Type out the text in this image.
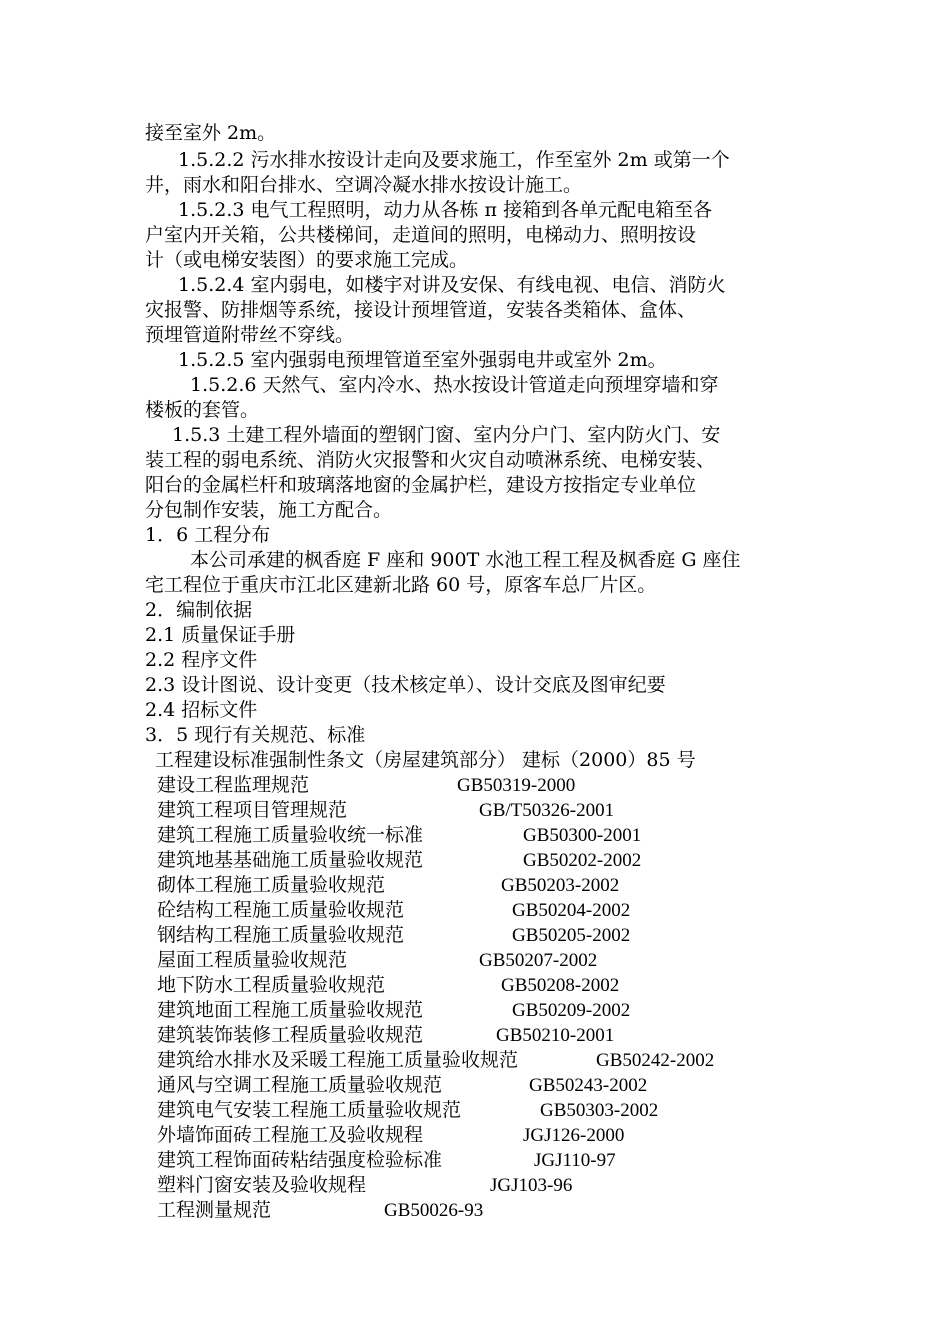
接至室外 2m。
1.5.2.2 污水排水按设计走向及要求施工，作至室外 2m 或第一个
井，雨水和阳台排水、空调冷凝水排水按设计施工。
1.5.2.3 电气工程照明，动力从各栋 π 接箱到各单元配电箱至各
户室内开关箱，公共楼梯间，走道间的照明，电梯动力、照明按设
计（或电梯安装图）的要求施工完成。
1.5.2.4 室内弱电，如楼宇对讲及安保、有线电视、电信、消防火
灾报警、防排烟等系统，接设计预埋管道，安装各类箱体、盒体、
预埋管道附带丝不穿线。
1.5.2.5 室内强弱电预埋管道至室外强弱电井或室外 2m。
1.5.2.6 天然气、室内冷水、热水按设计管道走向预埋穿墙和穿
楼板的套管。
1.5.3 土建工程外墙面的塑钢门窗、室内分户门、室内防火门、安
装工程的弱电系统、消防火灾报警和火灾自动喷淋系统、电梯安装、
阳台的金属栏杆和玻璃落地窗的金属护栏，建设方按指定专业单位
分包制作安装，施工方配合。
1．6 工程分布
本公司承建的枫香庭 F 座和 900T 水池工程工程及枫香庭 G 座住
宅工程位于重庆市江北区建新北路 60 号，原客车总厂片区。
2．编制依据
2.1 质量保证手册
2.2 程序文件
2.3 设计图说、设计变更（技术核定单）、设计交底及图审纪要
2.4 招标文件
3．5 现行有关规范、标准
工程建设标准强制性条文（房屋建筑部分） 建标（2000）85 号
建设工程监理规范	GB50319-2000
建筑工程项目管理规范	GB/T50326-2001
建筑工程施工质量验收统一标准	GB50300-2001
建筑地基基础施工质量验收规范	GB50202-2002
砌体工程施工质量验收规范	GB50203-2002
砼结构工程施工质量验收规范	GB50204-2002
钢结构工程施工质量验收规范	GB50205-2002
屋面工程质量验收规范	GB50207-2002
地下防水工程质量验收规范	GB50208-2002
建筑地面工程施工质量验收规范	GB50209-2002
建筑装饰装修工程质量验收规范	GB50210-2001
建筑给水排水及采暖工程施工质量验收规范	GB50242-2002
通风与空调工程施工质量验收规范	GB50243-2002
建筑电气安装工程施工质量验收规范	GB50303-2002
外墙饰面砖工程施工及验收规程	JGJ126-2000
建筑工程饰面砖粘结强度检验标准	JGJ110-97
塑料门窗安装及验收规程	JGJ103-96
工程测量规范	GB50026-93
